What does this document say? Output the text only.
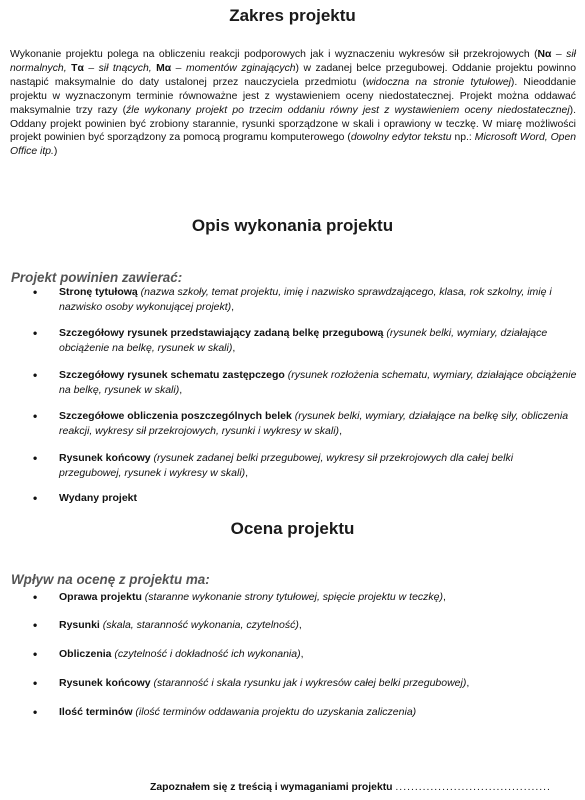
Zakres projektu
Wykonanie projektu polega na obliczeniu reakcji podporowych jak i wyznaczeniu wykresów sił przekrojowych (Nα – sił normalnych, Tα – sił tnących, Mα – momentów zginających) w zadanej belce przegubowej. Oddanie projektu powinno nastąpić maksymalnie do daty ustalonej przez nauczyciela przedmiotu (widoczna na stronie tytułowej). Nieoddanie projektu w wyznaczonym terminie równoważne jest z wystawieniem oceny niedostatecznej. Projekt można oddawać maksymalnie trzy razy (źle wykonany projekt po trzecim oddaniu równy jest z wystawieniem oceny niedostatecznej). Oddany projekt powinien być zrobiony starannie, rysunki sporządzone w skali i oprawiony w teczkę. W miarę możliwości projekt powinien być sporządzony za pomocą programu komputerowego (dowolny edytor tekstu np.: Microsoft Word, Open Office itp.)
Opis wykonania projektu
Projekt powinien zawierać:
• Stronę tytułową (nazwa szkoły, temat projektu, imię i nazwisko sprawdzającego, klasa, rok szkolny, imię i nazwisko osoby wykonującej projekt),
• Szczegółowy rysunek przedstawiający zadaną belkę przegubową (rysunek belki, wymiary, działające obciążenie na belkę, rysunek w skali),
• Szczegółowy rysunek schematu zastępczego (rysunek rozłożenia schematu, wymiary, działające obciążenie na belkę, rysunek w skali),
• Szczegółowe obliczenia poszczególnych belek (rysunek belki, wymiary, działające na belkę siły, obliczenia reakcji, wykresy sił przekrojowych, rysunki i wykresy w skali),
• Rysunek końcowy (rysunek zadanej belki przegubowej, wykresy sił przekrojowych dla całej belki przegubowej, rysunek i wykresy w skali),
• Wydany projekt
Ocena projektu
Wpływ na ocenę z projektu ma:
• Oprawa projektu (staranne wykonanie strony tytułowej, spięcie projektu w teczkę),
• Rysunki (skala, staranność wykonania, czytelność),
• Obliczenia (czytelność i dokładność ich wykonania),
• Rysunek końcowy (staranność i skala rysunku jak i wykresów całej belki przegubowej),
• Ilość terminów (ilość terminów oddawania projektu do uzyskania zaliczenia)
Zapoznałem się z treścią i wymaganiami projektu ........................................
